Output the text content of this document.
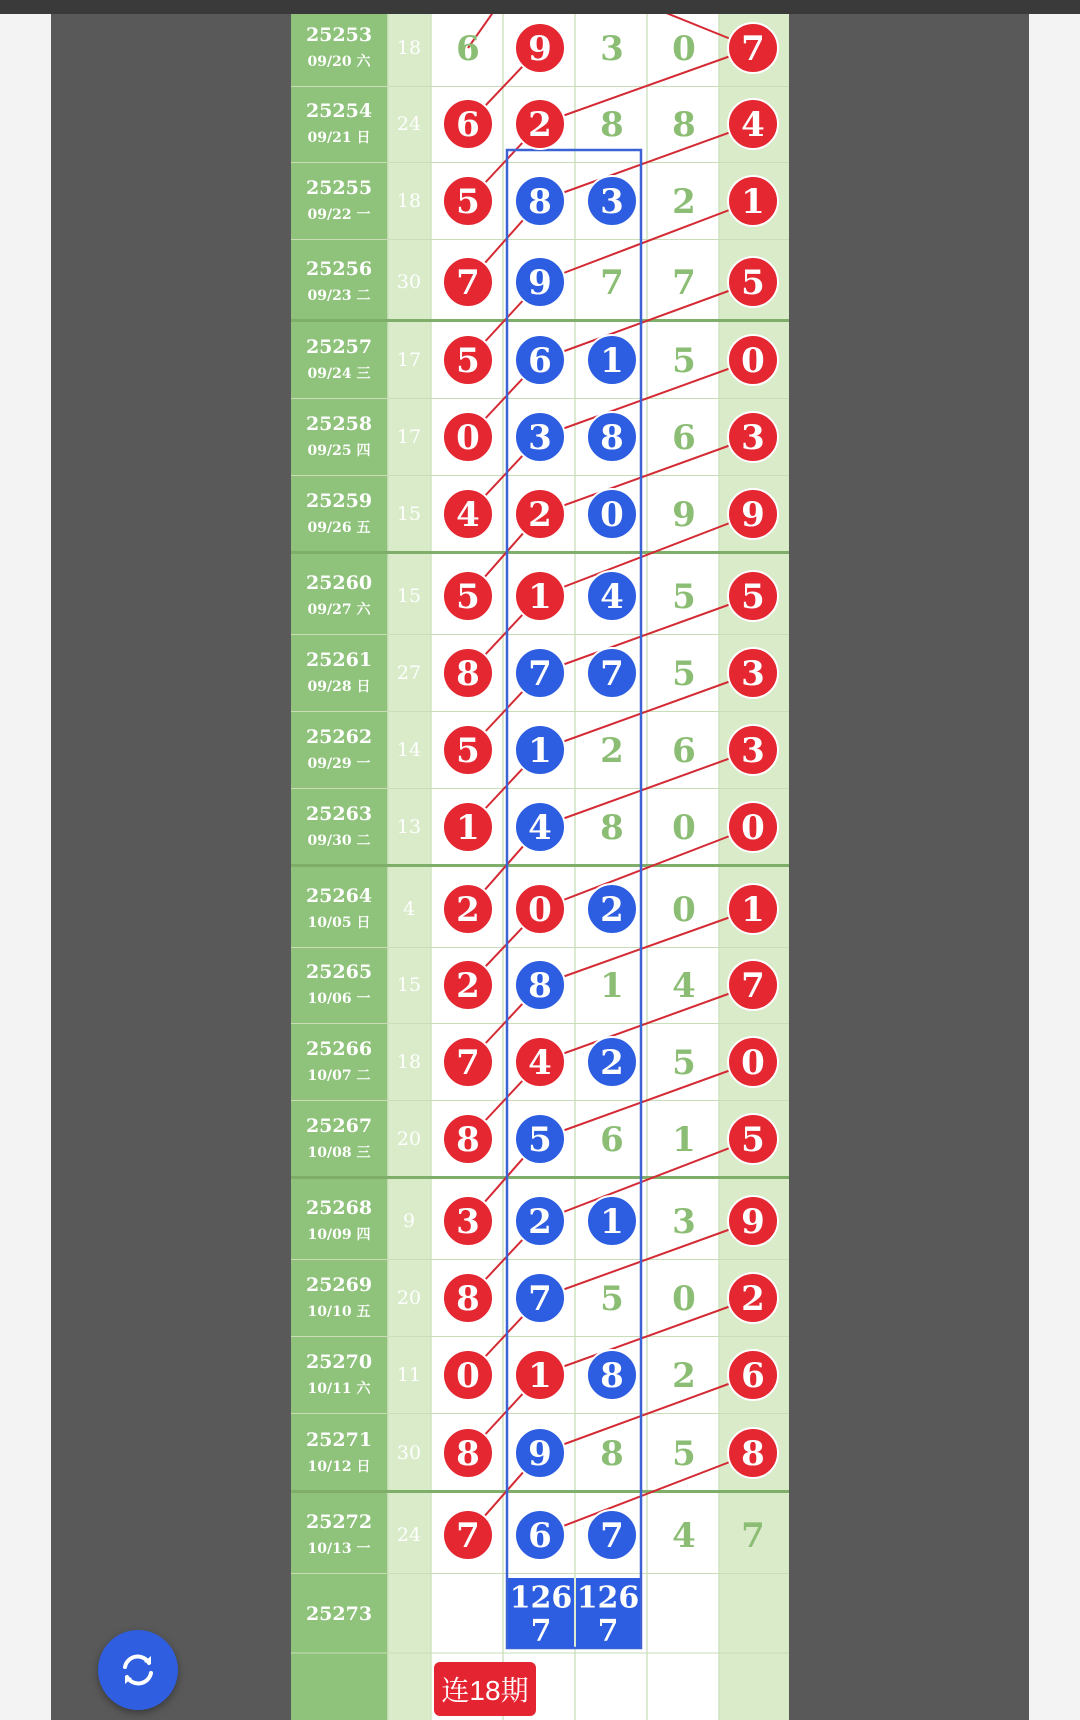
25253
09/20 六
18 6 9 3 0 7
25254
09/21 日
24 6 2 8 8 4
25255
09/22 一
18 5 8 3 2 1
25256
09/23 二
30 7 9 7 7 5
25257
09/24 三
17 5 6 1 5 0
25258
09/25 四
17 0 3 8 6 3
25259
09/26 五
15 4 2 0 9 9
25260
09/27 六
15 5 1 4 5 5
25261
09/28 日
27 8 7 7 5 3
25262
09/29 一
14 5 1 2 6 3
25263
09/30 二
13 1 4 8 0 0
25264
10/05 日
4 2 0 2 0 1
25265
10/06 一
15 2 8 1 4 7
25266
10/07 二
18 7 4 2 5 0
25267
10/08 三
20 8 5 6 1 5
25268
10/09 四
9 3 2 1 3 9
25269
10/10 五
20 8 7 5 0 2
25270
10/11 六
11 0 1 8 2 6
25271
10/12 日
30 8 9 8 5 8
25272
10/13 一
24 7 6 7 4 7
25273	126
7
126
7
连18期
